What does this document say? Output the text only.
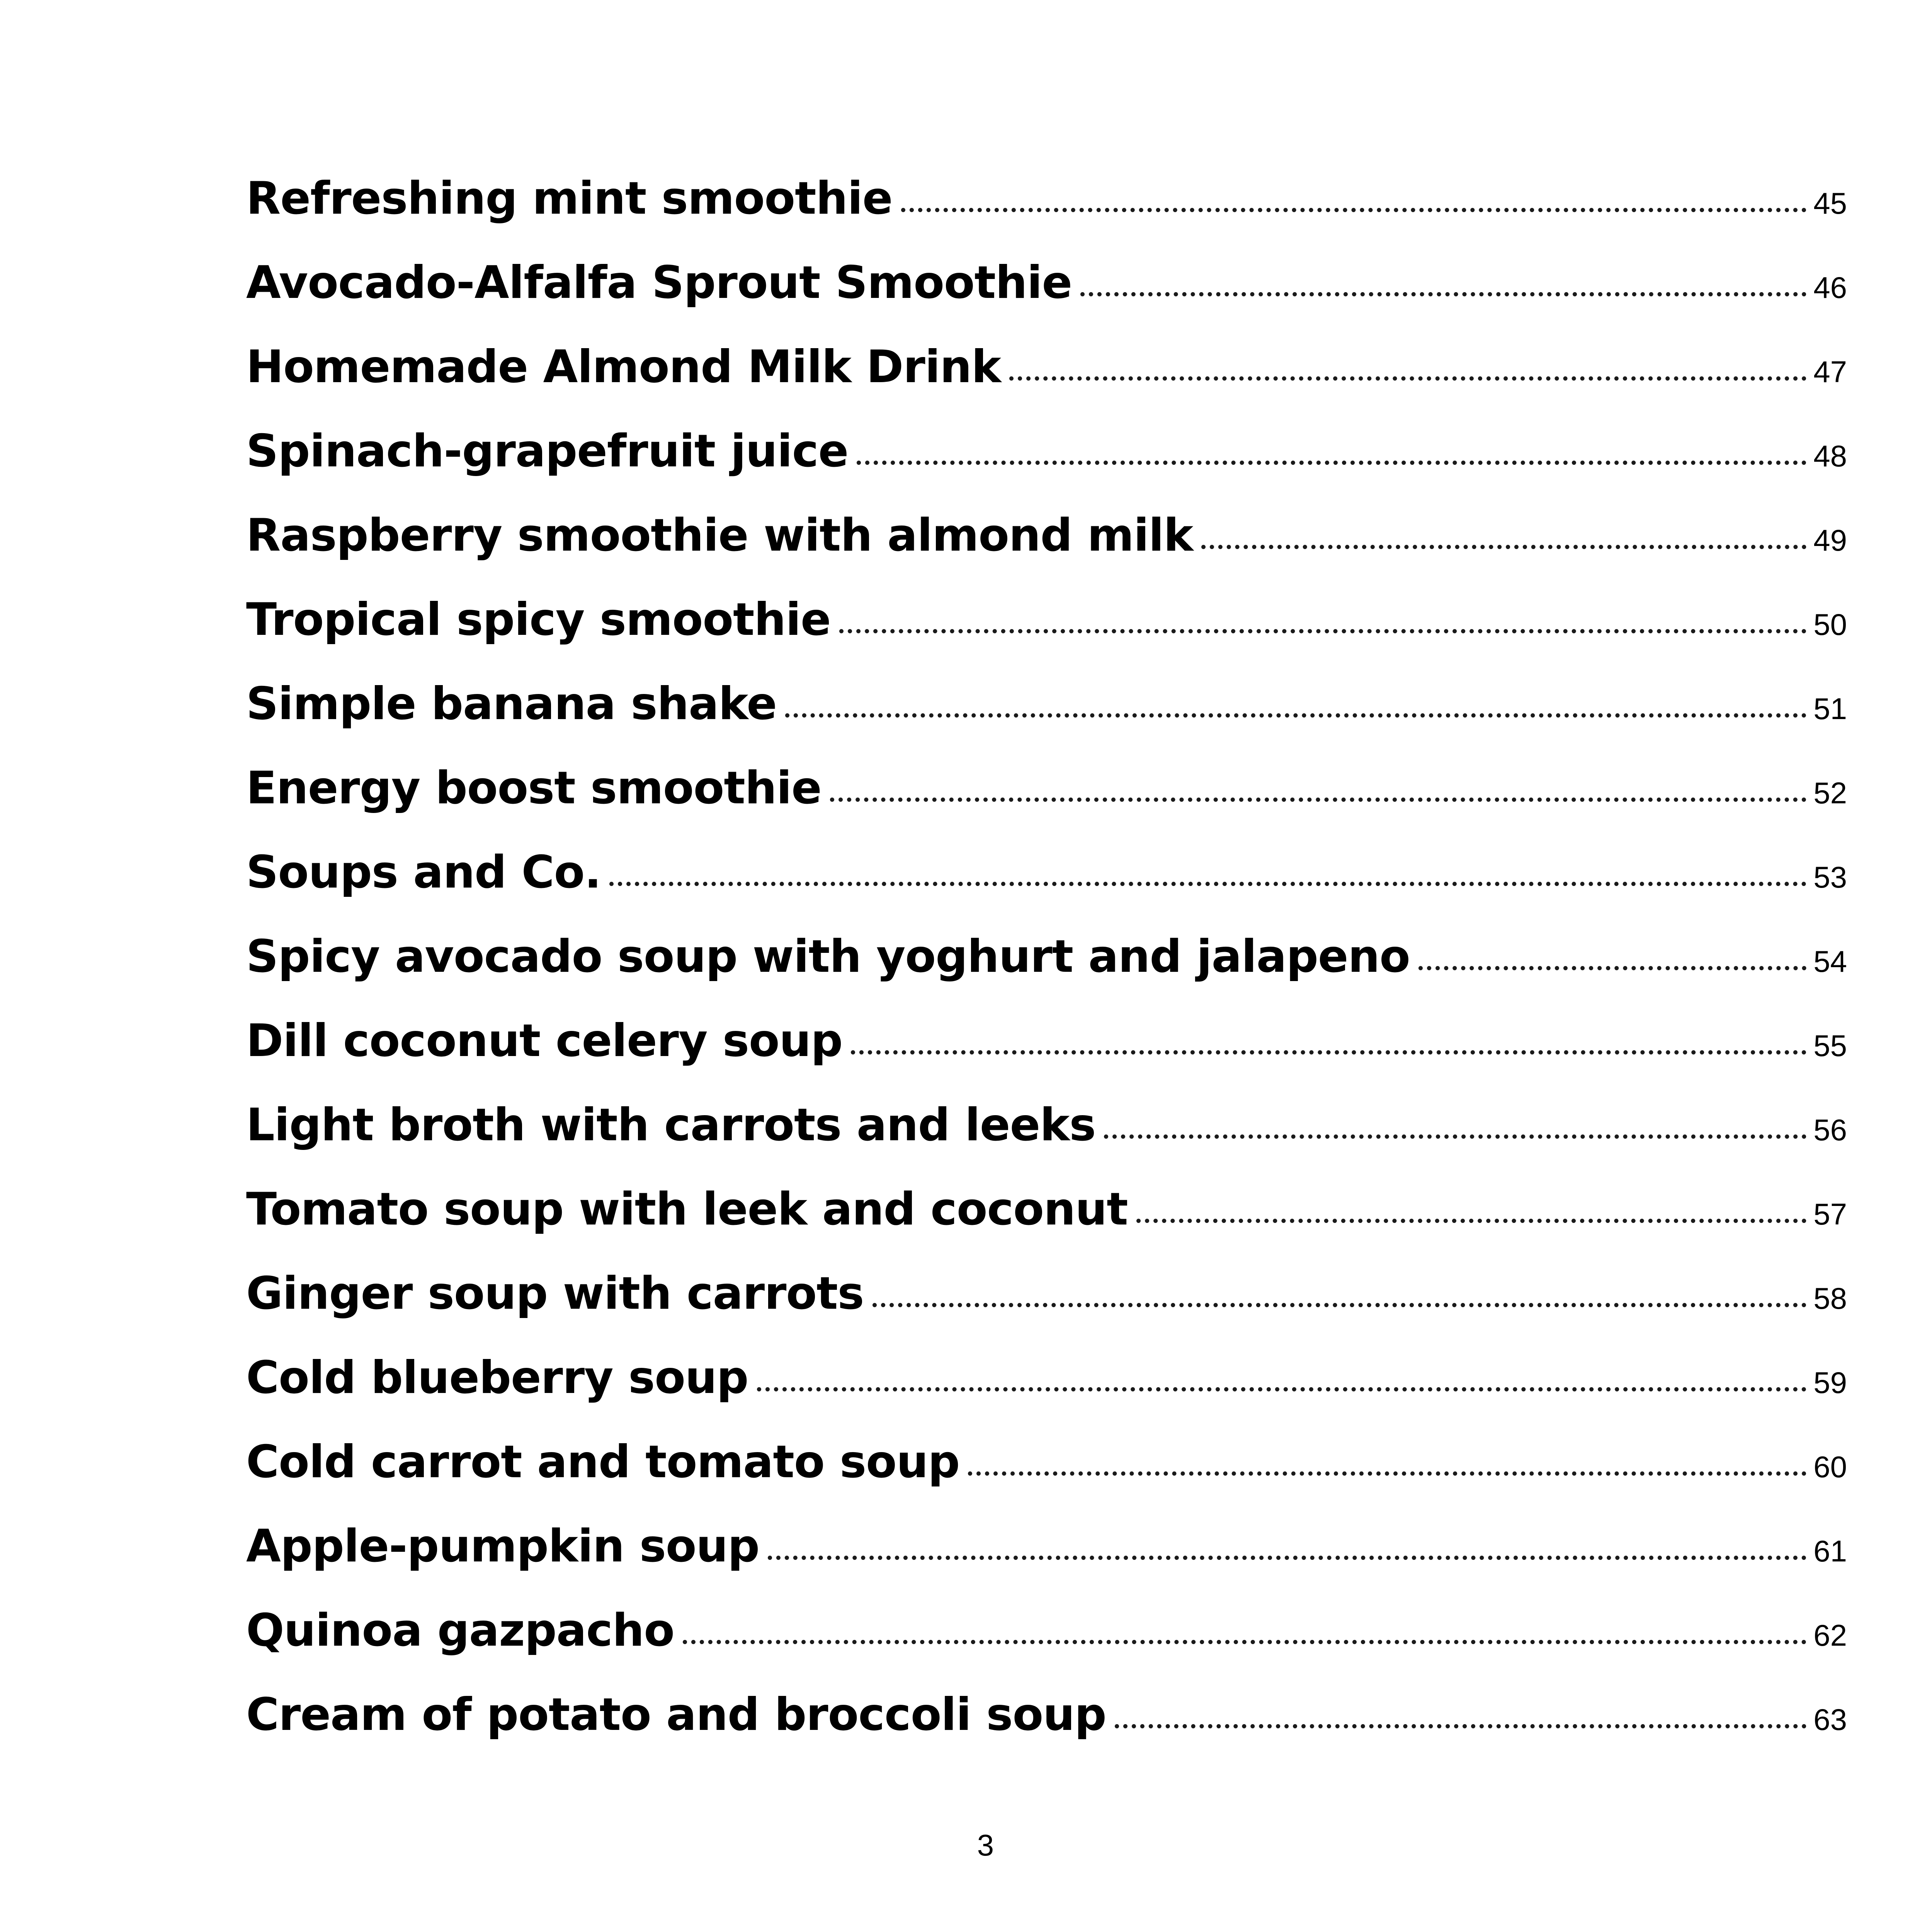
Refreshing mint smoothie	45
Avocado-Alfalfa Sprout Smoothie	46
Homemade Almond Milk Drink	47
Spinach-grapefruit juice	48
Raspberry smoothie with almond milk	49
Tropical spicy smoothie	50
Simple banana shake	51
Energy boost smoothie	52
Soups and Co.	53
Spicy avocado soup with yoghurt and jalapeno	54
Dill coconut celery soup	55
Light broth with carrots and leeks	56
Tomato soup with leek and coconut	57
Ginger soup with carrots	58
Cold blueberry soup	59
Cold carrot and tomato soup	60
Apple-pumpkin soup	61
Quinoa gazpacho	62
Cream of potato and broccoli soup	63
3
